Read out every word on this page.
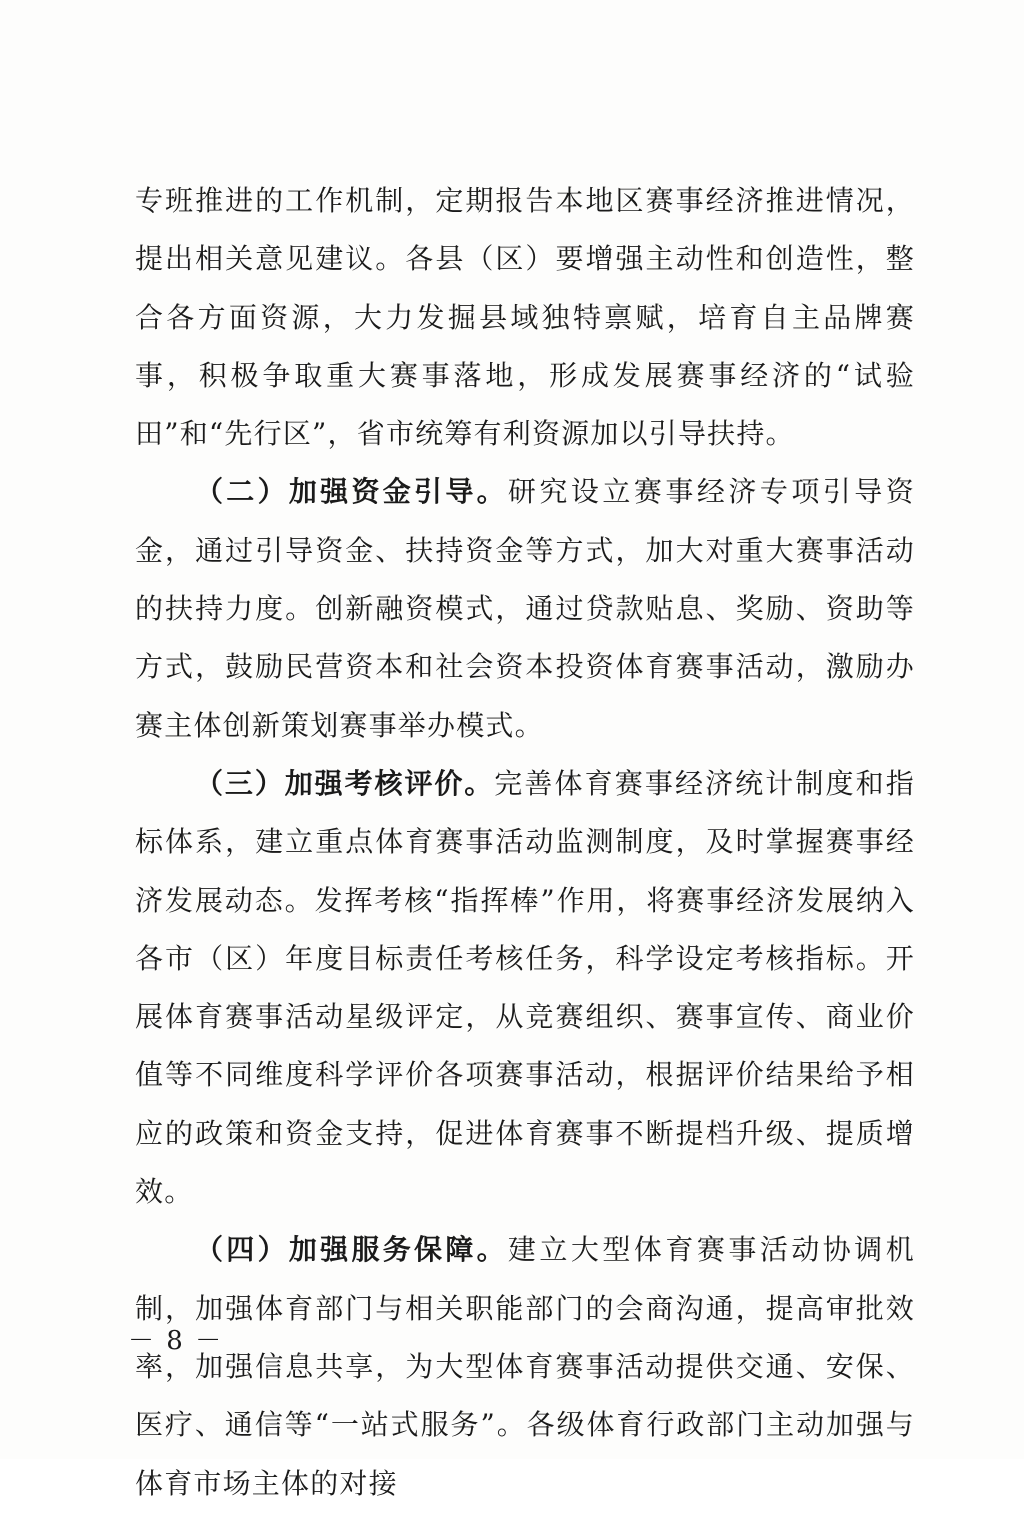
专班推进的工作机制，定期报告本地区赛事经济推进情况，提出相关意见建议。各县（区）要增强主动性和创造性，整合各方面资源，大力发掘县域独特禀赋，培育自主品牌赛事，积极争取重大赛事落地，形成发展赛事经济的“试验田”和“先行区”，省市统筹有利资源加以引导扶持。

（二）加强资金引导。研究设立赛事经济专项引导资金，通过引导资金、扶持资金等方式，加大对重大赛事活动的扶持力度。创新融资模式，通过贷款贴息、奖励、资助等方式，鼓励民营资本和社会资本投资体育赛事活动，激励办赛主体创新策划赛事举办模式。

（三）加强考核评价。完善体育赛事经济统计制度和指标体系，建立重点体育赛事活动监测制度，及时掌握赛事经济发展动态。发挥考核“指挥棒”作用，将赛事经济发展纳入各市（区）年度目标责任考核任务，科学设定考核指标。开展体育赛事活动星级评定，从竞赛组织、赛事宣传、商业价值等不同维度科学评价各项赛事活动，根据评价结果给予相应的政策和资金支持，促进体育赛事不断提档升级、提质增效。

（四）加强服务保障。建立大型体育赛事活动协调机制，加强体育部门与相关职能部门的会商沟通，提高审批效率，加强信息共享，为大型体育赛事活动提供交通、安保、医疗、通信等“一站式服务”。各级体育行政部门主动加强与体育市场主体的对接

－ 8 －
